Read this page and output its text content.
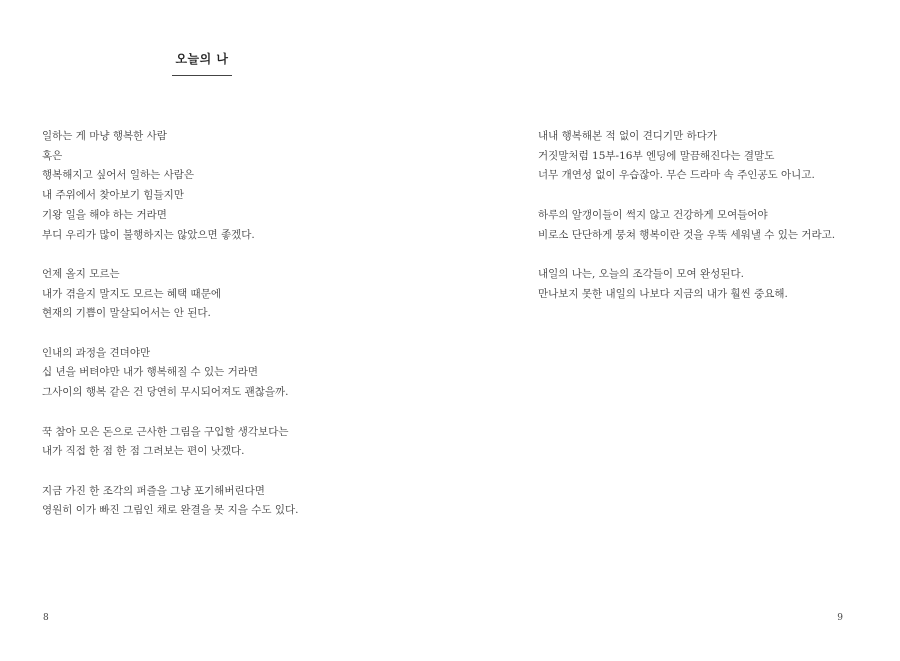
오늘의 나

일하는 게 마냥 행복한 사람
혹은
행복해지고 싶어서 일하는 사람은
내 주위에서 찾아보기 힘들지만
기왕 일을 해야 하는 거라면
부디 우리가 많이 불행하지는 않았으면 좋겠다.

언제 올지 모르는
내가 겪을지 말지도 모르는 혜택 때문에
현재의 기쁨이 말살되어서는 안 된다.

인내의 과정을 견뎌야만
십 년을 버텨야만 내가 행복해질 수 있는 거라면
그사이의 행복 같은 건 당연히 무시되어져도 괜찮을까.

꾹 참아 모은 돈으로 근사한 그림을 구입할 생각보다는
내가 직접 한 점 한 점 그려보는 편이 낫겠다.

지금 가진 한 조각의 퍼즐을 그냥 포기해버린다면
영원히 이가 빠진 그림인 채로 완결을 못 지을 수도 있다.

8

내내 행복해본 적 없이 견디기만 하다가
거짓말처럼 15부-16부 엔딩에 말끔해진다는 결말도
너무 개연성 없이 우습잖아. 무슨 드라마 속 주인공도 아니고.

하루의 알갱이들이 썩지 않고 건강하게 모여들어야
비로소 단단하게 뭉쳐 행복이란 것을 우뚝 세워낼 수 있는 거라고.

내일의 나는, 오늘의 조각들이 모여 완성된다.
만나보지 못한 내일의 나보다 지금의 내가 훨씬 중요해.

9
